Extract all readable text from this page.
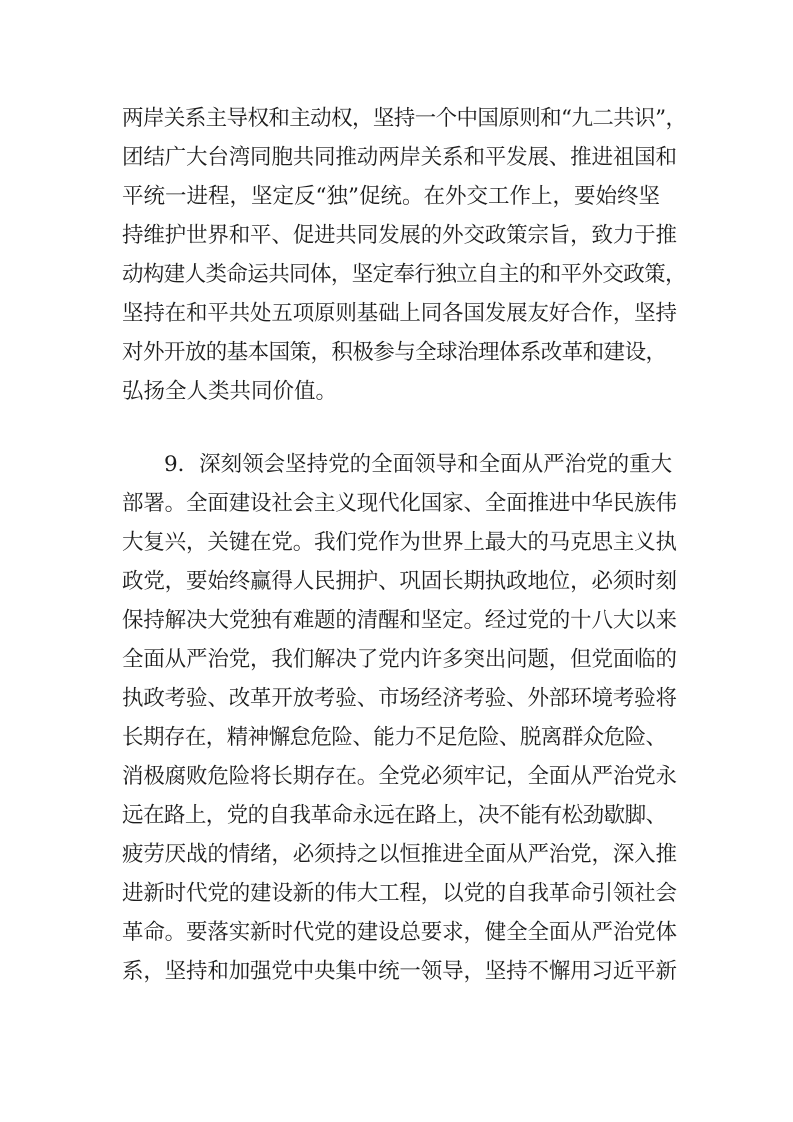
两岸关系主导权和主动权，坚持一个中国原则和“九二共识”，

团结广大台湾同胞共同推动两岸关系和平发展、推进祖国和

平统一进程，坚定反“独”促统。在外交工作上，要始终坚

持维护世界和平、促进共同发展的外交政策宗旨，致力于推

动构建人类命运共同体，坚定奉行独立自主的和平外交政策，

坚持在和平共处五项原则基础上同各国发展友好合作，坚持

对外开放的基本国策，积极参与全球治理体系改革和建设，

弘扬全人类共同价值。

9．深刻领会坚持党的全面领导和全面从严治党的重大

部署。全面建设社会主义现代化国家、全面推进中华民族伟

大复兴，关键在党。我们党作为世界上最大的马克思主义执

政党，要始终赢得人民拥护、巩固长期执政地位，必须时刻

保持解决大党独有难题的清醒和坚定。经过党的十八大以来

全面从严治党，我们解决了党内许多突出问题，但党面临的

执政考验、改革开放考验、市场经济考验、外部环境考验将

长期存在，精神懈怠危险、能力不足危险、脱离群众危险、

消极腐败危险将长期存在。全党必须牢记，全面从严治党永

远在路上，党的自我革命永远在路上，决不能有松劲歇脚、

疲劳厌战的情绪，必须持之以恒推进全面从严治党，深入推

进新时代党的建设新的伟大工程，以党的自我革命引领社会

革命。要落实新时代党的建设总要求，健全全面从严治党体

系，坚持和加强党中央集中统一领导，坚持不懈用习近平新
